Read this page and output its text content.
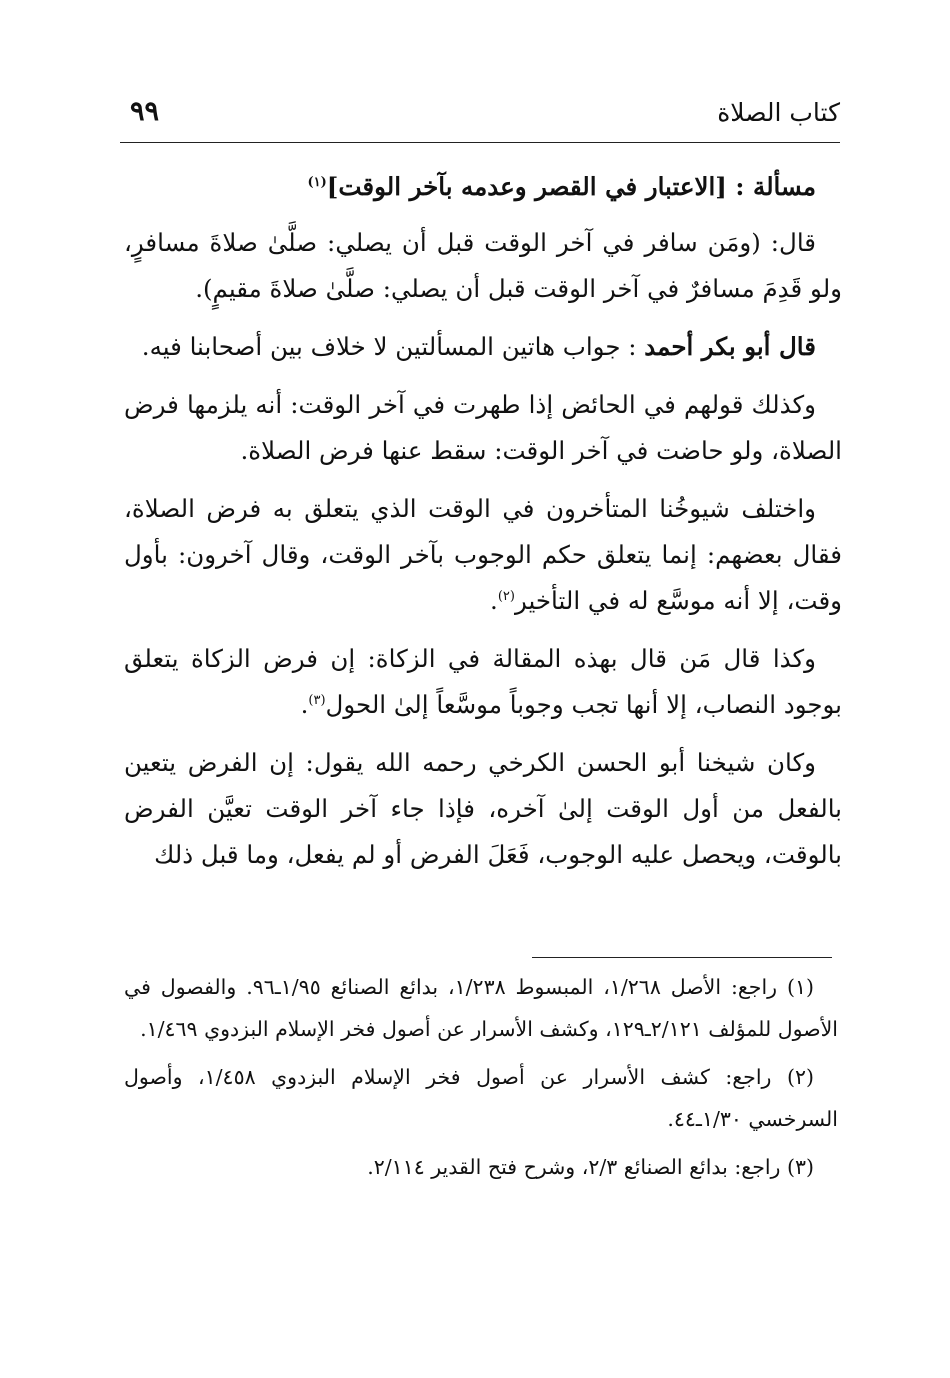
كتاب الصلاة
٩٩

مسألة : [الاعتبار في القصر وعدمه بآخر الوقت]$^{(١)}$

قال: (ومَن سافر في آخر الوقت قبل أن يصلي: صلَّىٰ صلاةَ مسافرٍ، ولو قَدِمَ مسافرٌ في آخر الوقت قبل أن يصلي: صلَّىٰ صلاةَ مقيمٍ).

قال أبو بكر أحمد : جواب هاتين المسألتين لا خلاف بين أصحابنا فيه.

وكذلك قولهم في الحائض إذا طهرت في آخر الوقت: أنه يلزمها فرض الصلاة، ولو حاضت في آخر الوقت: سقط عنها فرض الصلاة.

واختلف شيوخُنا المتأخرون في الوقت الذي يتعلق به فرض الصلاة، فقال بعضهم: إنما يتعلق حكم الوجوب بآخر الوقت، وقال آخرون: بأول وقت، إلا أنه موسَّع له في التأخير$^{(٢)}$.

وكذا قال مَن قال بهذه المقالة في الزكاة: إن فرض الزكاة يتعلق بوجود النصاب، إلا أنها تجب وجوباً موسَّعاً إلىٰ الحول$^{(٣)}$.

وكان شيخنا أبو الحسن الكرخي رحمه الله يقول: إن الفرض يتعين بالفعل من أول الوقت إلىٰ آخره، فإذا جاء آخر الوقت تعيَّن الفرض بالوقت، ويحصل عليه الوجوب، فَعَلَ الفرض أو لم يفعل، وما قبل ذلك

(١) راجع: الأصل ١/٢٦٨، المبسوط ١/٢٣٨، بدائع الصنائع ١/٩٥ـ٩٦. والفصول في الأصول للمؤلف ٢/١٢١ـ١٢٩، وكشف الأسرار عن أصول فخر الإسلام البزدوي ١/٤٦٩.

(٢) راجع: كشف الأسرار عن أصول فخر الإسلام البزدوي ١/٤٥٨، وأصول السرخسي ١/٣٠ـ٤٤.

(٣) راجع: بدائع الصنائع ٢/٣، وشرح فتح القدير ٢/١١٤.
